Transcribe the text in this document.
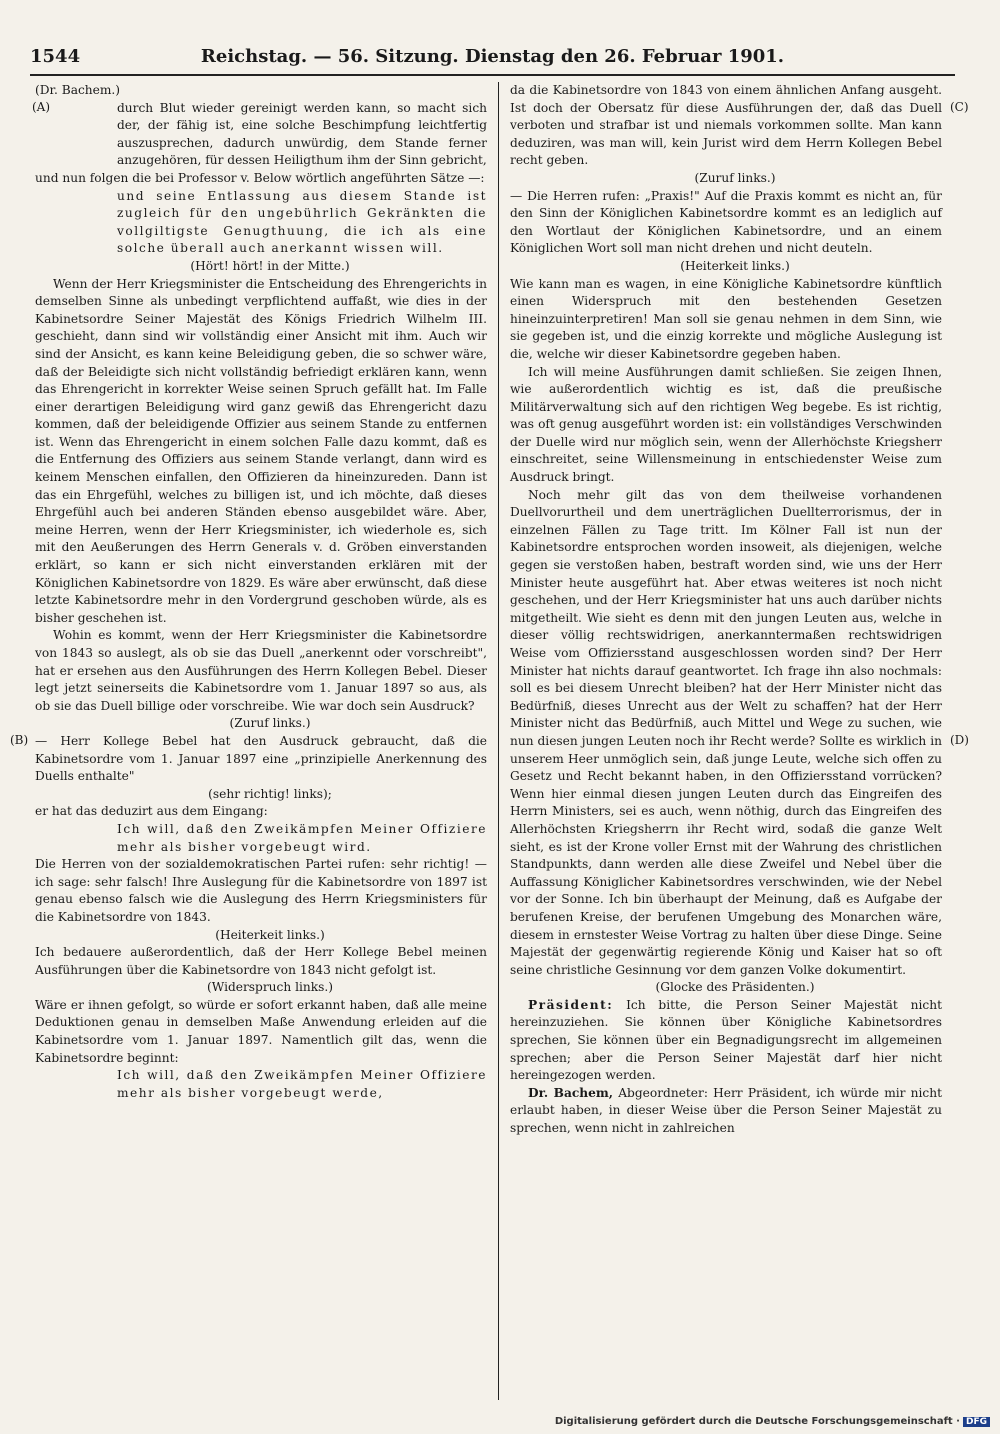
1544	Reichstag. — 56. Sitzung. Dienstag den 26. Februar 1901.
(A)
(B)
(C)
(D)

(Dr. Bachem.)

durch Blut wieder gereinigt werden kann, so macht sich der, der fähig ist, eine solche Beschimpfung leichtfertig auszusprechen, dadurch unwürdig, dem Stande ferner anzugehören, für dessen Heiligthum ihm der Sinn gebricht,

und nun folgen die bei Professor v. Below wörtlich angeführten Sätze —:

und seine Entlassung aus diesem Stande ist zugleich für den ungebührlich Gekränkten die vollgiltigste Genugthuung, die ich als eine solche überall auch anerkannt wissen will.

(Hört! hört! in der Mitte.)

Wenn der Herr Kriegsminister die Entscheidung des Ehrengerichts in demselben Sinne als unbedingt verpflichtend auffaßt, wie dies in der Kabinetsordre Seiner Majestät des Königs Friedrich Wilhelm III. geschieht, dann sind wir vollständig einer Ansicht mit ihm. Auch wir sind der Ansicht, es kann keine Beleidigung geben, die so schwer wäre, daß der Beleidigte sich nicht vollständig befriedigt erklären kann, wenn das Ehrengericht in korrekter Weise seinen Spruch gefällt hat. Im Falle einer derartigen Beleidigung wird ganz gewiß das Ehrengericht dazu kommen, daß der beleidigende Offizier aus seinem Stande zu entfernen ist. Wenn das Ehrengericht in einem solchen Falle dazu kommt, daß es die Entfernung des Offiziers aus seinem Stande verlangt, dann wird es keinem Menschen einfallen, den Offizieren da hineinzureden. Dann ist das ein Ehrgefühl, welches zu billigen ist, und ich möchte, daß dieses Ehrgefühl auch bei anderen Ständen ebenso ausgebildet wäre. Aber, meine Herren, wenn der Herr Kriegsminister, ich wiederhole es, sich mit den Aeußerungen des Herrn Generals v. d. Gröben einverstanden erklärt, so kann er sich nicht einverstanden erklären mit der Königlichen Kabinetsordre von 1829. Es wäre aber erwünscht, daß diese letzte Kabinetsordre mehr in den Vordergrund geschoben würde, als es bisher geschehen ist.

Wohin es kommt, wenn der Herr Kriegsminister die Kabinetsordre von 1843 so auslegt, als ob sie das Duell „anerkennt oder vorschreibt", hat er ersehen aus den Ausführungen des Herrn Kollegen Bebel. Dieser legt jetzt seinerseits die Kabinetsordre vom 1. Januar 1897 so aus, als ob sie das Duell billige oder vorschreibe. Wie war doch sein Ausdruck?

(Zuruf links.)

— Herr Kollege Bebel hat den Ausdruck gebraucht, daß die Kabinetsordre vom 1. Januar 1897 eine „prinzipielle Anerkennung des Duells enthalte"

(sehr richtig! links);

er hat das deduzirt aus dem Eingang:

Ich will, daß den Zweikämpfen Meiner Offiziere mehr als bisher vorgebeugt wird.

Die Herren von der sozialdemokratischen Partei rufen: sehr richtig! — ich sage: sehr falsch! Ihre Auslegung für die Kabinetsordre von 1897 ist genau ebenso falsch wie die Auslegung des Herrn Kriegsministers für die Kabinetsordre von 1843.

(Heiterkeit links.)

Ich bedauere außerordentlich, daß der Herr Kollege Bebel meinen Ausführungen über die Kabinetsordre von 1843 nicht gefolgt ist.

(Widerspruch links.)

Wäre er ihnen gefolgt, so würde er sofort erkannt haben, daß alle meine Deduktionen genau in demselben Maße Anwendung erleiden auf die Kabinetsordre vom 1. Januar 1897. Namentlich gilt das, wenn die Kabinetsordre beginnt:

Ich will, daß den Zweikämpfen Meiner Offiziere mehr als bisher vorgebeugt werde,

da die Kabinetsordre von 1843 von einem ähnlichen Anfang ausgeht. Ist doch der Obersatz für diese Ausführungen der, daß das Duell verboten und strafbar ist und niemals vorkommen sollte. Man kann deduziren, was man will, kein Jurist wird dem Herrn Kollegen Bebel recht geben.

(Zuruf links.)

— Die Herren rufen: „Praxis!" Auf die Praxis kommt es nicht an, für den Sinn der Königlichen Kabinetsordre kommt es an lediglich auf den Wortlaut der Königlichen Kabinetsordre, und an einem Königlichen Wort soll man nicht drehen und nicht deuteln.

(Heiterkeit links.)

Wie kann man es wagen, in eine Königliche Kabinetsordre künftlich einen Widerspruch mit den bestehenden Gesetzen hineinzuinterpretiren! Man soll sie genau nehmen in dem Sinn, wie sie gegeben ist, und die einzig korrekte und mögliche Auslegung ist die, welche wir dieser Kabinetsordre gegeben haben.

Ich will meine Ausführungen damit schließen. Sie zeigen Ihnen, wie außerordentlich wichtig es ist, daß die preußische Militärverwaltung sich auf den richtigen Weg begebe. Es ist richtig, was oft genug ausgeführt worden ist: ein vollständiges Verschwinden der Duelle wird nur möglich sein, wenn der Allerhöchste Kriegsherr einschreitet, seine Willensmeinung in entschiedenster Weise zum Ausdruck bringt.

Noch mehr gilt das von dem theilweise vorhandenen Duellvorurtheil und dem unerträglichen Duellterrorismus, der in einzelnen Fällen zu Tage tritt. Im Kölner Fall ist nun der Kabinetsordre entsprochen worden insoweit, als diejenigen, welche gegen sie verstoßen haben, bestraft worden sind, wie uns der Herr Minister heute ausgeführt hat. Aber etwas weiteres ist noch nicht geschehen, und der Herr Kriegsminister hat uns auch darüber nichts mitgetheilt. Wie sieht es denn mit den jungen Leuten aus, welche in dieser völlig rechtswidrigen, anerkanntermaßen rechtswidrigen Weise vom Offiziersstand ausgeschlossen worden sind? Der Herr Minister hat nichts darauf geantwortet. Ich frage ihn also nochmals: soll es bei diesem Unrecht bleiben? hat der Herr Minister nicht das Bedürfniß, dieses Unrecht aus der Welt zu schaffen? hat der Herr Minister nicht das Bedürfniß, auch Mittel und Wege zu suchen, wie nun diesen jungen Leuten noch ihr Recht werde? Sollte es wirklich in unserem Heer unmöglich sein, daß junge Leute, welche sich offen zu Gesetz und Recht bekannt haben, in den Offiziersstand vorrücken? Wenn hier einmal diesen jungen Leuten durch das Eingreifen des Herrn Ministers, sei es auch, wenn nöthig, durch das Eingreifen des Allerhöchsten Kriegsherrn ihr Recht wird, sodaß die ganze Welt sieht, es ist der Krone voller Ernst mit der Wahrung des christlichen Standpunkts, dann werden alle diese Zweifel und Nebel über die Auffassung Königlicher Kabinetsordres verschwinden, wie der Nebel vor der Sonne. Ich bin überhaupt der Meinung, daß es Aufgabe der berufenen Kreise, der berufenen Umgebung des Monarchen wäre, diesem in ernstester Weise Vortrag zu halten über diese Dinge. Seine Majestät der gegenwärtig regierende König und Kaiser hat so oft seine christliche Gesinnung vor dem ganzen Volke dokumentirt.

(Glocke des Präsidenten.)

Präsident: Ich bitte, die Person Seiner Majestät nicht hereinzuziehen. Sie können über Königliche Kabinetsordres sprechen, Sie können über ein Begnadigungsrecht im allgemeinen sprechen; aber die Person Seiner Majestät darf hier nicht hereingezogen werden.

Dr. Bachem, Abgeordneter: Herr Präsident, ich würde mir nicht erlaubt haben, in dieser Weise über die Person Seiner Majestät zu sprechen, wenn nicht in zahlreichen

Digitalisierung gefördert durch die Deutsche Forschungsgemeinschaft · DFG
